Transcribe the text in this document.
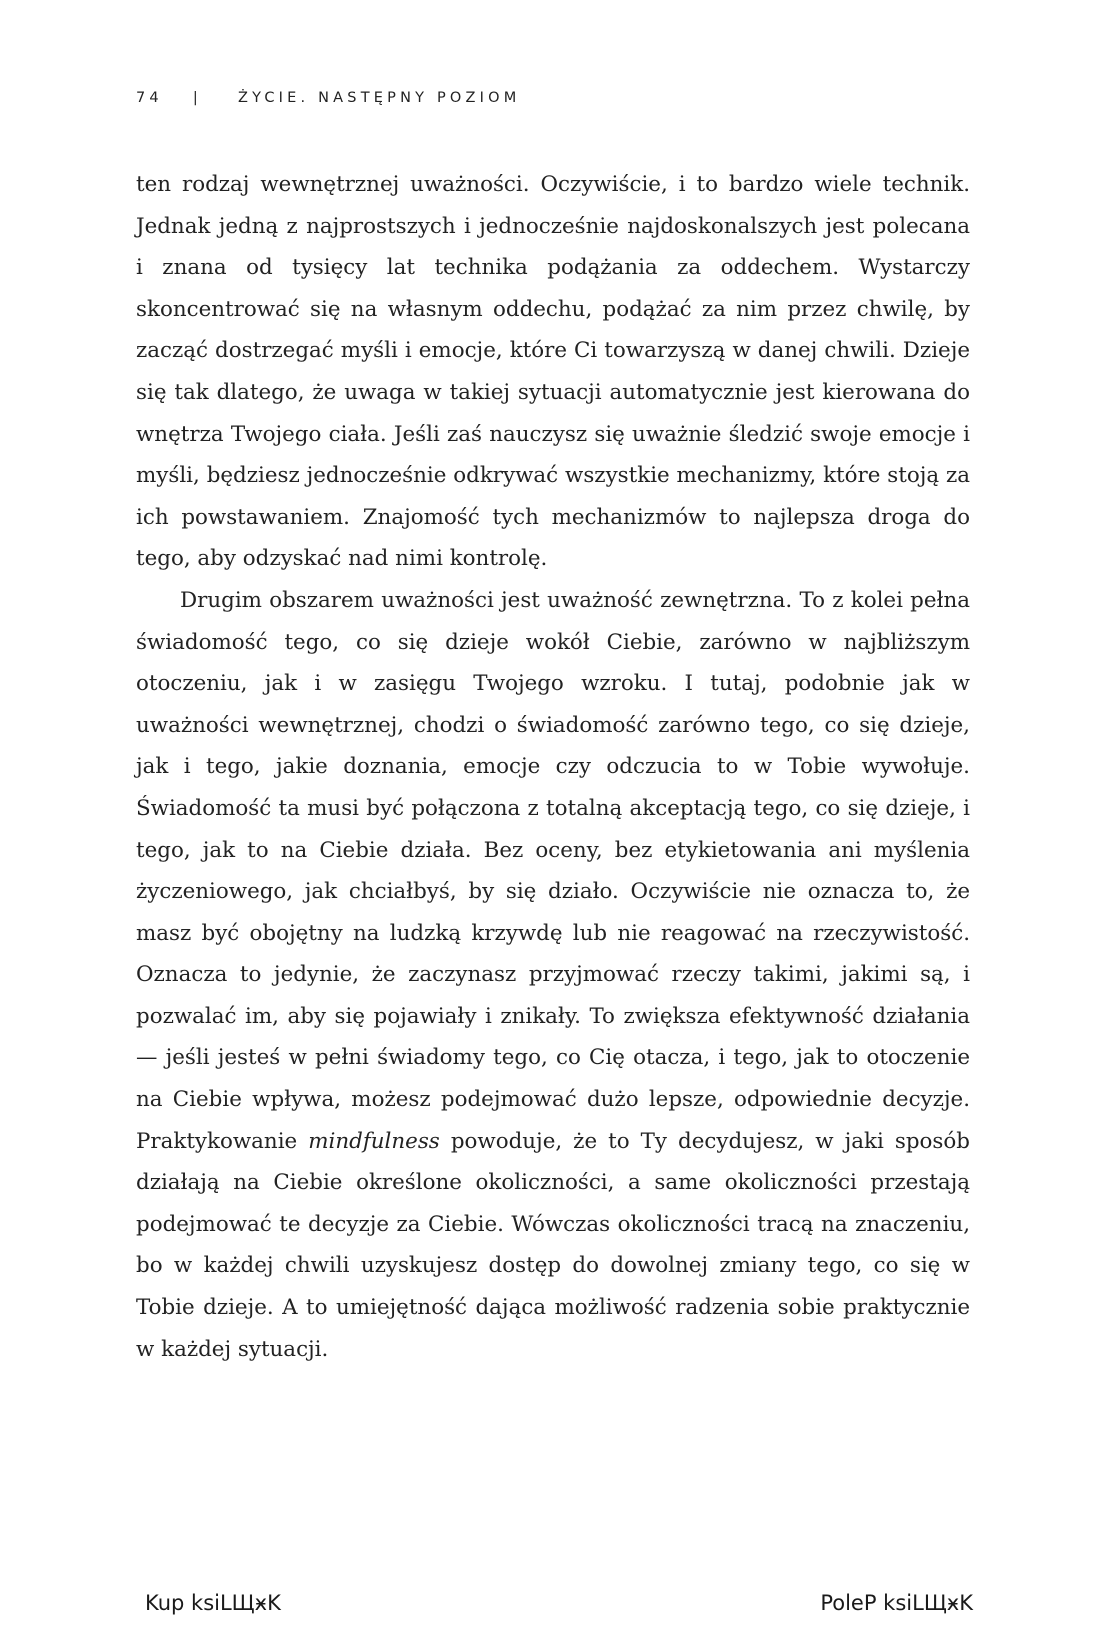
74 | ŻYCIE. NASTĘPNY POZIOM

ten rodzaj wewnętrznej uważności. Oczywiście, i to bardzo wiele technik. Jednak jedną z najprostszych i jednocześnie najdoskonalszych jest polecana i znana od tysięcy lat technika podążania za oddechem. Wystarczy skoncentrować się na własnym oddechu, podążać za nim przez chwilę, by zacząć dostrzegać myśli i emocje, które Ci towarzyszą w danej chwili. Dzieje się tak dlatego, że uwaga w takiej sytuacji automatycznie jest kierowana do wnętrza Twojego ciała. Jeśli zaś nauczysz się uważnie śledzić swoje emocje i myśli, będziesz jednocześnie odkrywać wszystkie mechanizmy, które stoją za ich powstawaniem. Znajomość tych mechanizmów to najlepsza droga do tego, aby odzyskać nad nimi kontrolę.

Drugim obszarem uważności jest uważność zewnętrzna. To z kolei pełna świadomość tego, co się dzieje wokół Ciebie, zarówno w najbliższym otoczeniu, jak i w zasięgu Twojego wzroku. I tutaj, podobnie jak w uważności wewnętrznej, chodzi o świadomość zarówno tego, co się dzieje, jak i tego, jakie doznania, emocje czy odczucia to w Tobie wywołuje. Świadomość ta musi być połączona z totalną akceptacją tego, co się dzieje, i tego, jak to na Ciebie działa. Bez oceny, bez etykietowania ani myślenia życzeniowego, jak chciałbyś, by się działo. Oczywiście nie oznacza to, że masz być obojętny na ludzką krzywdę lub nie reagować na rzeczywistość. Oznacza to jedynie, że zaczynasz przyjmować rzeczy takimi, jakimi są, i pozwalać im, aby się pojawiały i znikały. To zwiększa efektywność działania — jeśli jesteś w pełni świadomy tego, co Cię otacza, i tego, jak to otoczenie na Ciebie wpływa, możesz podejmować dużo lepsze, odpowiednie decyzje. Praktykowanie mindfulness powoduje, że to Ty decydujesz, w jaki sposób działają na Ciebie określone okoliczności, a same okoliczności przestają podejmować te decyzje za Ciebie. Wówczas okoliczności tracą na znaczeniu, bo w każdej chwili uzyskujesz dostęp do dowolnej zmiany tego, co się w Tobie dzieje. A to umiejętność dająca możliwość radzenia sobie praktycznie w każdej sytuacji.

Kup ksiLЩӿK	PoleP ksiLЩӿK
